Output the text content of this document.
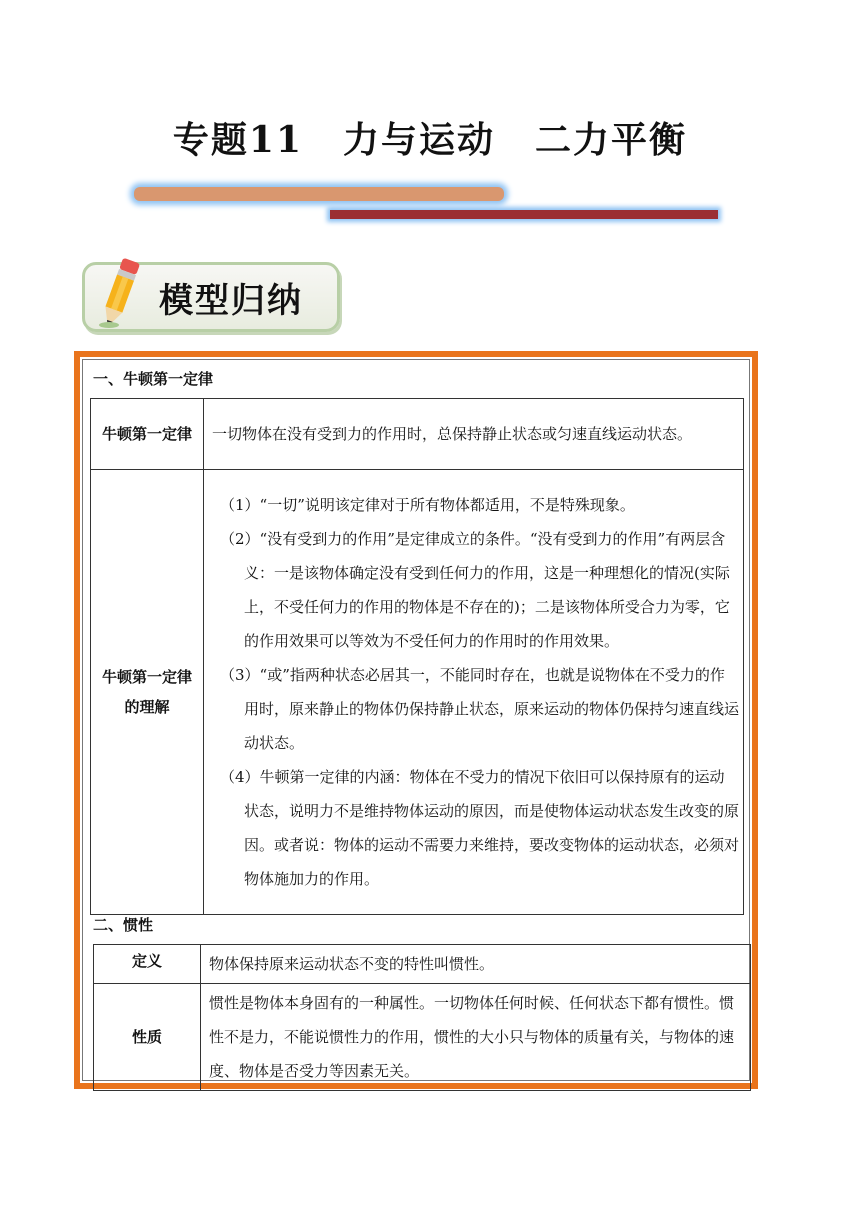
专题11 力与运动 二力平衡
模型归纳
一、牛顿第一定律
牛顿第一定律	一切物体在没有受到力的作用时，总保持静止状态或匀速直线运动状态。
牛顿第一定律的理解	（1）“一切”说明该定律对于所有物体都适用，不是特殊现象。
（2）“没有受到力的作用”是定律成立的条件。“没有受到力的作用”有两层含义：一是该物体确定没有受到任何力的作用，这是一种理想化的情况(实际上，不受任何力的作用的物体是不存在的)；二是该物体所受合力为零，它的作用效果可以等效为不受任何力的作用时的作用效果。
（3）“或”指两种状态必居其一，不能同时存在，也就是说物体在不受力的作用时，原来静止的物体仍保持静止状态，原来运动的物体仍保持匀速直线运动状态。
（4）牛顿第一定律的内涵：物体在不受力的情况下依旧可以保持原有的运动状态，说明力不是维持物体运动的原因，而是使物体运动状态发生改变的原因。或者说：物体的运动不需要力来维持，要改变物体的运动状态，必须对物体施加力的作用。
二、惯性
定义	物体保持原来运动状态不变的特性叫惯性。
性质	惯性是物体本身固有的一种属性。一切物体任何时候、任何状态下都有惯性。惯性不是力，不能说惯性力的作用，惯性的大小只与物体的质量有关，与物体的速度、物体是否受力等因素无关。
